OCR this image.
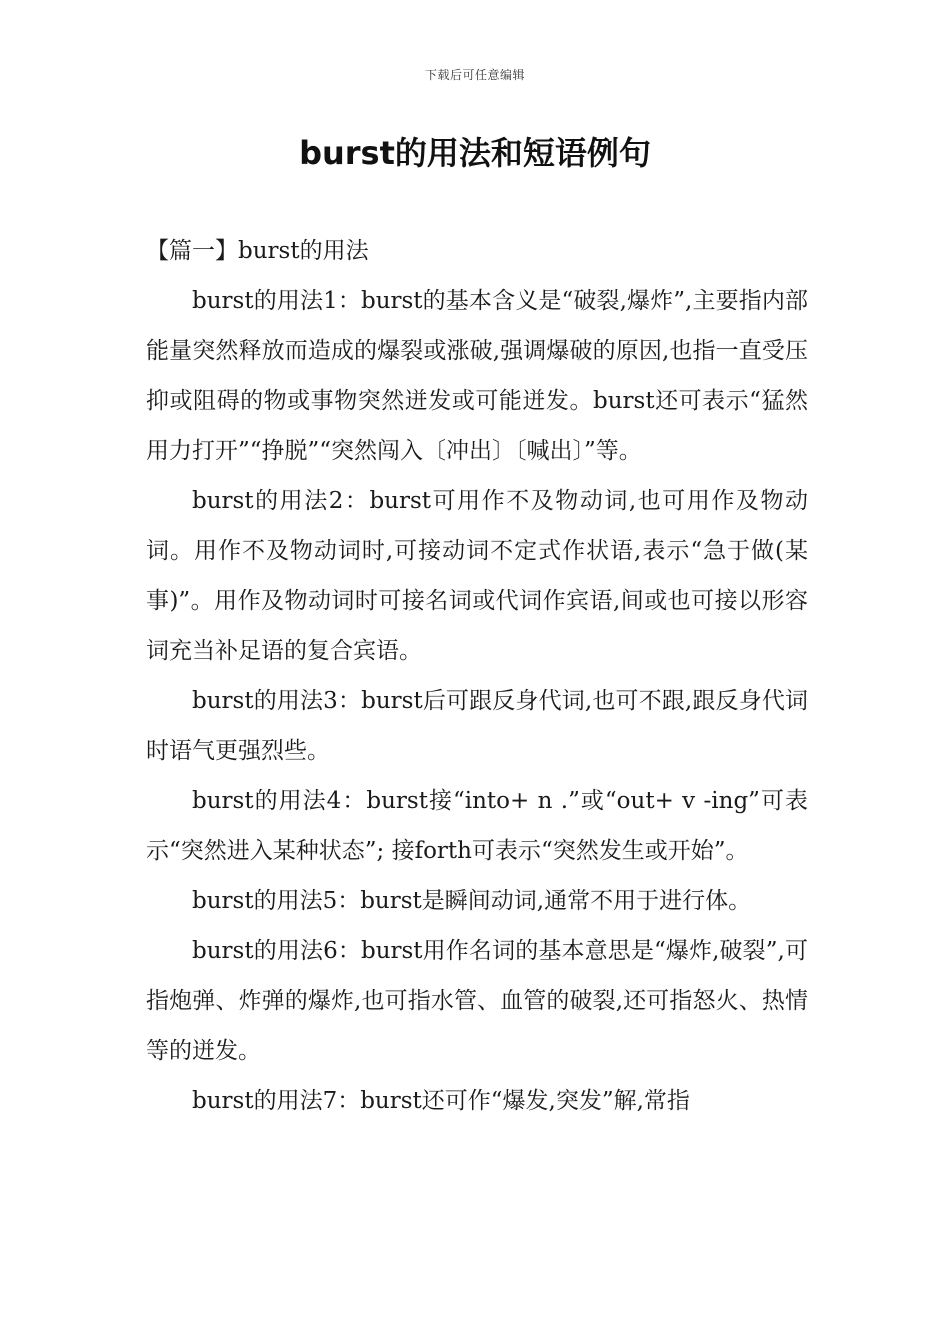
下载后可任意编辑
burst的用法和短语例句

【篇一】burst的用法

burst的用法1：burst的基本含义是“破裂,爆炸”,主要指内部能量突然释放而造成的爆裂或涨破,强调爆破的原因,也指一直受压抑或阻碍的物或事物突然迸发或可能迸发。burst还可表示“猛然用力打开”“挣脱”“突然闯入〔冲出〕〔喊出〕”等。

burst的用法2：burst可用作不及物动词,也可用作及物动词。用作不及物动词时,可接动词不定式作状语,表示“急于做(某事)”。用作及物动词时可接名词或代词作宾语,间或也可接以形容词充当补足语的复合宾语。

burst的用法3：burst后可跟反身代词,也可不跟,跟反身代词时语气更强烈些。

burst的用法4：burst接“into+ n .”或“out+ v -ing”可表示“突然进入某种状态”; 接forth可表示“突然发生或开始”。

burst的用法5：burst是瞬间动词,通常不用于进行体。

burst的用法6：burst用作名词的基本意思是“爆炸,破裂”,可指炮弹、炸弹的爆炸,也可指水管、血管的破裂,还可指怒火、热情等的迸发。

burst的用法7：burst还可作“爆发,突发”解,常指
